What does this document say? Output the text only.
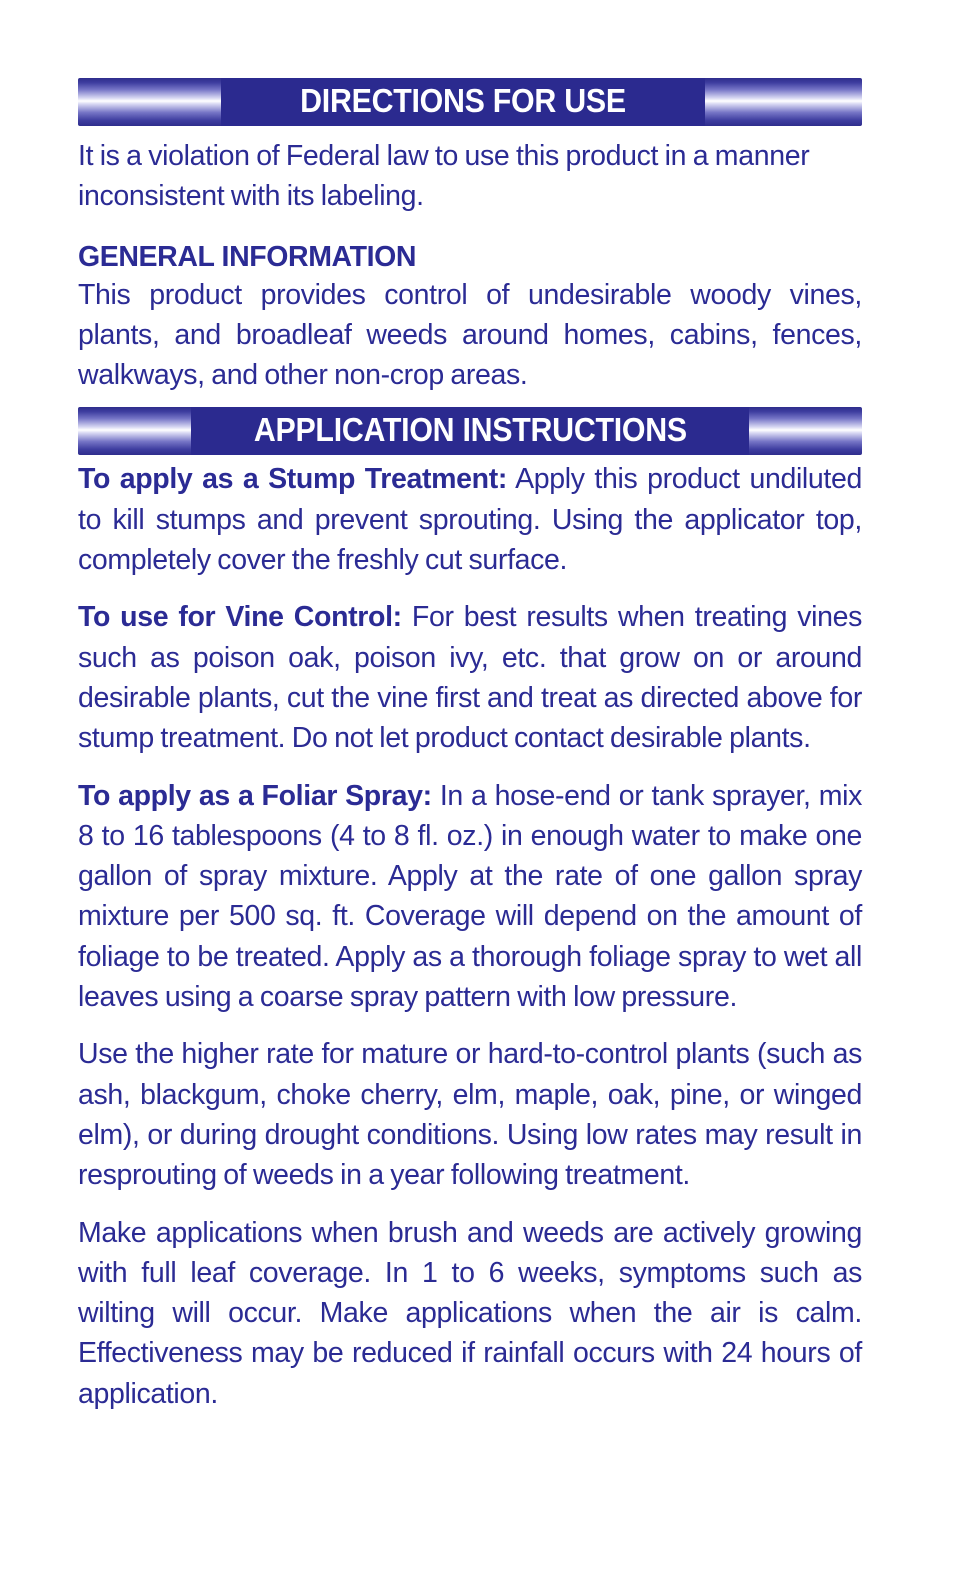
DIRECTIONS FOR USE

It is a violation of Federal law to use this product in a manner inconsistent with its labeling.

GENERAL INFORMATION

This product provides control of undesirable woody vines, plants, and broadleaf weeds around homes, cabins, fences, walkways, and other non-crop areas.

APPLICATION INSTRUCTIONS

To apply as a Stump Treatment: Apply this product undiluted to kill stumps and prevent sprouting. Using the applicator top, completely cover the freshly cut surface.

To use for Vine Control: For best results when treating vines such as poison oak, poison ivy, etc. that grow on or around desirable plants, cut the vine first and treat as directed above for stump treatment. Do not let product contact desirable plants.

To apply as a Foliar Spray: In a hose-end or tank sprayer, mix 8 to 16 tablespoons (4 to 8 fl. oz.) in enough water to make one gallon of spray mixture. Apply at the rate of one gallon spray mixture per 500 sq. ft. Coverage will depend on the amount of foliage to be treated. Apply as a thorough foliage spray to wet all leaves using a coarse spray pattern with low pressure.

Use the higher rate for mature or hard-to-control plants (such as ash, blackgum, choke cherry, elm, maple, oak, pine, or winged elm), or during drought conditions. Using low rates may result in resprouting of weeds in a year following treatment.

Make applications when brush and weeds are actively growing with full leaf coverage. In 1 to 6 weeks, symptoms such as wilting will occur. Make applications when the air is calm. Effectiveness may be reduced if rainfall occurs with 24 hours of application.
